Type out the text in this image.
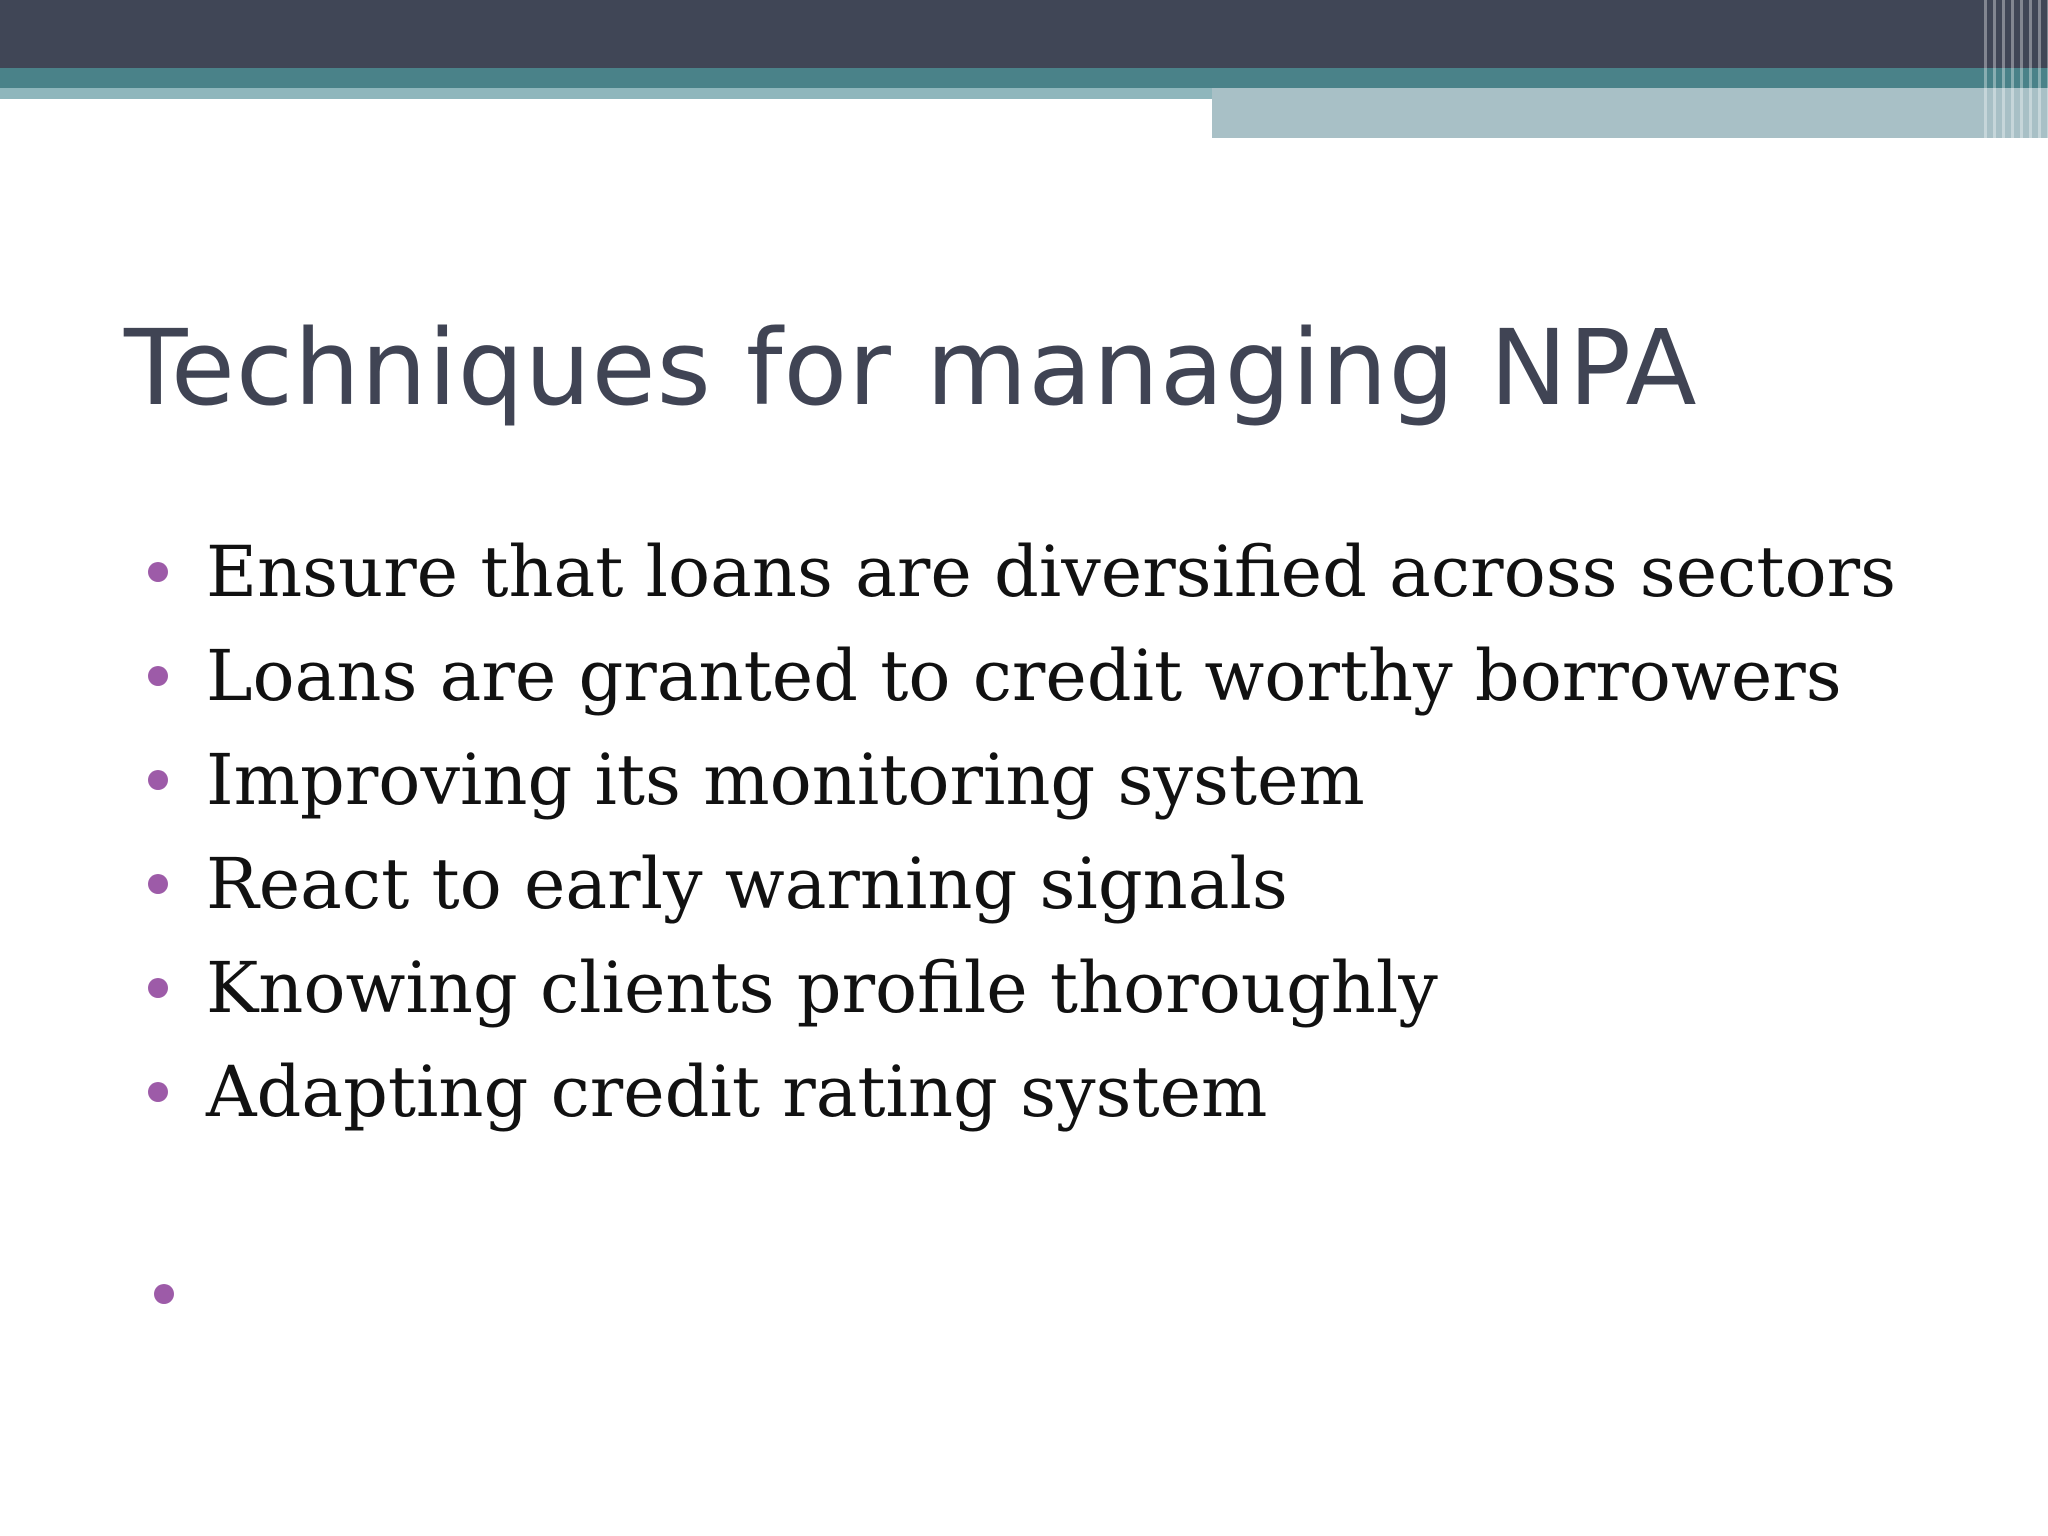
Techniques for managing NPA
Ensure that loans are diversified across sectors
Loans are granted to credit worthy borrowers
Improving its monitoring system
React to early warning signals
Knowing clients profile thoroughly
Adapting credit rating system
